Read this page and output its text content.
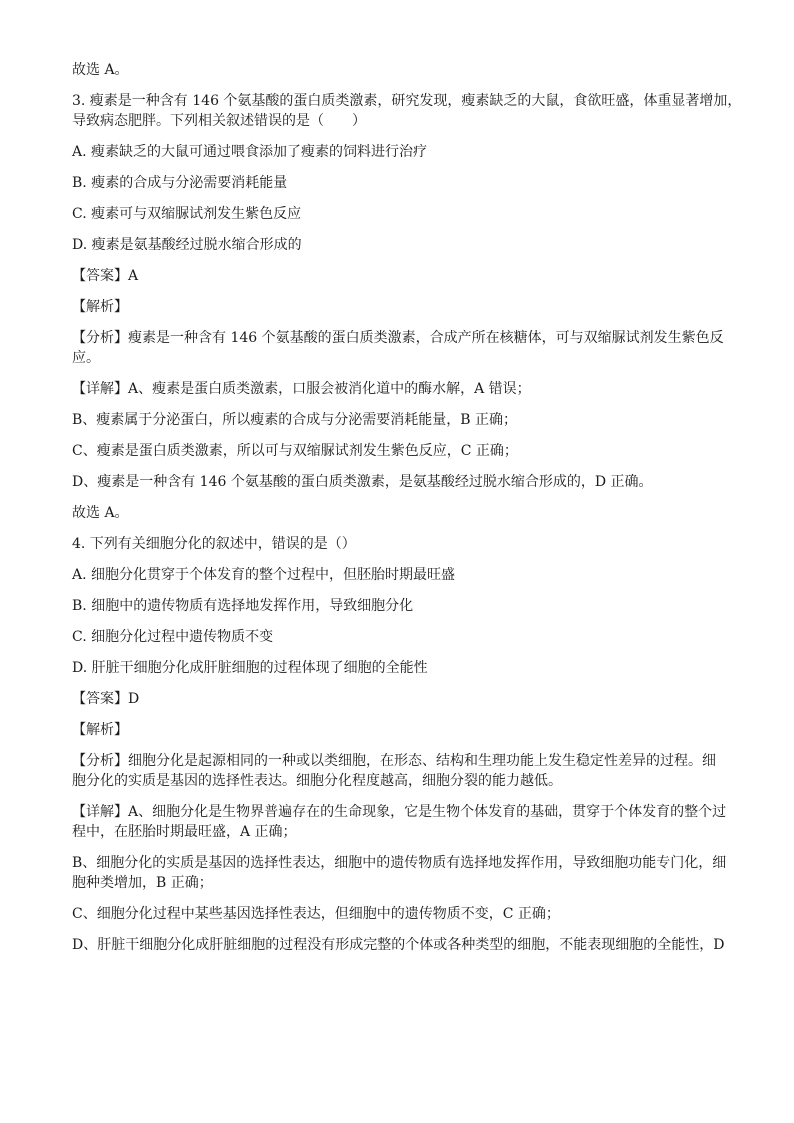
故选 A。

3. 瘦素是一种含有 146 个氨基酸的蛋白质类激素，研究发现，瘦素缺乏的大鼠，食欲旺盛，体重显著增加，

导致病态肥胖。下列相关叙述错误的是（　　）

A. 瘦素缺乏的大鼠可通过喂食添加了瘦素的饲料进行治疗

B. 瘦素的合成与分泌需要消耗能量

C. 瘦素可与双缩脲试剂发生紫色反应

D. 瘦素是氨基酸经过脱水缩合形成的

【答案】A

【解析】

【分析】瘦素是一种含有 146 个氨基酸的蛋白质类激素，合成产所在核糖体，可与双缩脲试剂发生紫色反

应。

【详解】A、瘦素是蛋白质类激素，口服会被消化道中的酶水解，A 错误；

B、瘦素属于分泌蛋白，所以瘦素的合成与分泌需要消耗能量，B 正确；

C、瘦素是蛋白质类激素，所以可与双缩脲试剂发生紫色反应，C 正确；

D、瘦素是一种含有 146 个氨基酸的蛋白质类激素，是氨基酸经过脱水缩合形成的，D 正确。

故选 A。

4. 下列有关细胞分化的叙述中，错误的是（）

A. 细胞分化贯穿于个体发育的整个过程中，但胚胎时期最旺盛

B. 细胞中的遗传物质有选择地发挥作用，导致细胞分化

C. 细胞分化过程中遗传物质不变

D. 肝脏干细胞分化成肝脏细胞的过程体现了细胞的全能性

【答案】D

【解析】

【分析】细胞分化是起源相同的一种或以类细胞，在形态、结构和生理功能上发生稳定性差异的过程。细

胞分化的实质是基因的选择性表达。细胞分化程度越高，细胞分裂的能力越低。

【详解】A、细胞分化是生物界普遍存在的生命现象，它是生物个体发育的基础，贯穿于个体发育的整个过

程中，在胚胎时期最旺盛，A 正确；

B、细胞分化的实质是基因的选择性表达，细胞中的遗传物质有选择地发挥作用，导致细胞功能专门化，细

胞种类增加，B 正确；

C、细胞分化过程中某些基因选择性表达，但细胞中的遗传物质不变，C 正确；

D、肝脏干细胞分化成肝脏细胞的过程没有形成完整的个体或各种类型的细胞，不能表现细胞的全能性，D
